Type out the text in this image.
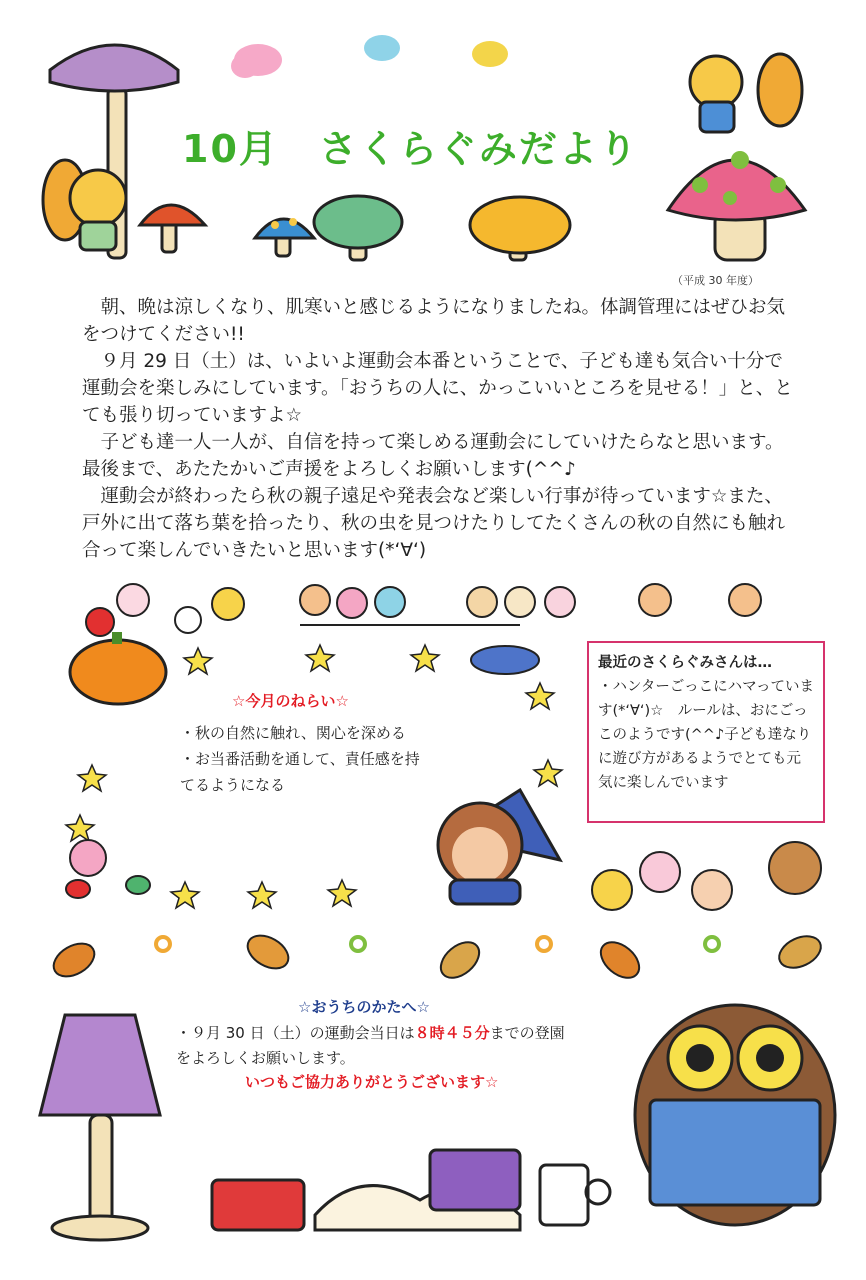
10月　さくらぐみだより
（平成 30 年度）

朝、晩は涼しくなり、肌寒いと感じるようになりましたね。体調管理にはぜひお気をつけてください!!

９月 29 日（土）は、いよいよ運動会本番ということで、子ども達も気合い十分で運動会を楽しみにしています。「おうちの人に、かっこいいところを見せる！」と、とても張り切っていますよ☆

子ども達一人一人が、自信を持って楽しめる運動会にしていけたらなと思います。最後まで、あたたかいご声援をよろしくお願いします(^^♪

運動会が終わったら秋の親子遠足や発表会など楽しい行事が待っています☆また、戸外に出て落ち葉を拾ったり、秋の虫を見つけたりしてたくさんの秋の自然にも触れ合って楽しんでいきたいと思います(*‘∀‘)

☆今月のねらい☆
・秋の自然に触れ、関心を深める
・お当番活動を通して、責任感を持てるようになる
最近のさくらぐみさんは…
・ハンターごっこにハマっています(*‘∀‘)☆　ルールは、おにごっこのようです(^^♪子ども達なりに遊び方があるようでとても元気に楽しんでいます
☆おうちのかたへ☆
・９月 30 日（土）の運動会当日は８時４５分までの登園
をよろしくお願いします。
いつもご協力ありがとうございます☆
